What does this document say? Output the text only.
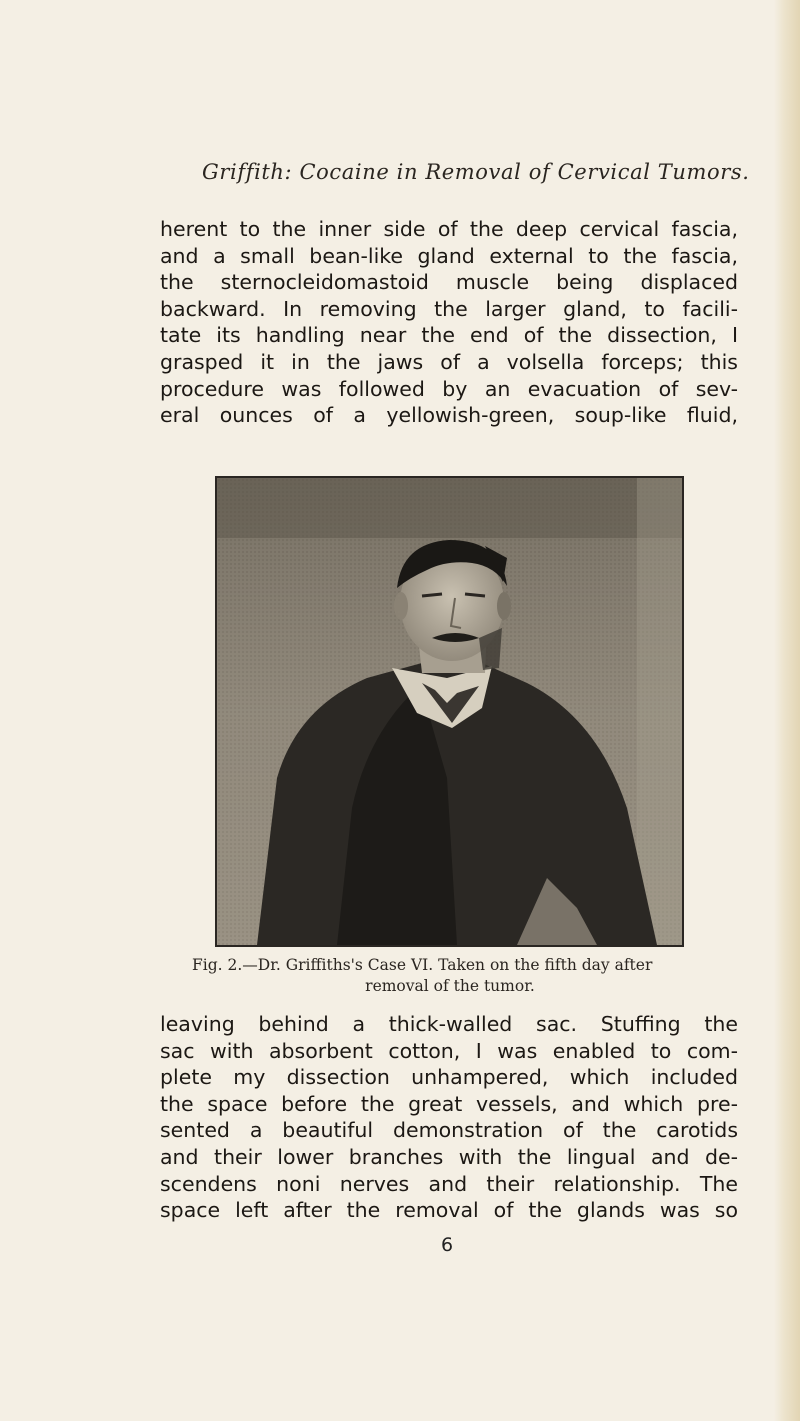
Griffith: Cocaine in Removal of Cervical Tumors.
herent to the inner side of the deep cervical fascia,
and a small bean-like gland external to the fascia,
the sternocleidomastoid muscle being displaced
backward. In removing the larger gland, to facili-
tate its handling near the end of the dissection, I
grasped it in the jaws of a volsella forceps; this
procedure was followed by an evacuation of sev-
eral ounces of a yellowish-green, soup-like fluid,
Fig. 2.—Dr. Griffiths's Case VI. Taken on the fifth day after
removal of the tumor.
leaving behind a thick-walled sac. Stuffing the
sac with absorbent cotton, I was enabled to com-
plete my dissection unhampered, which included
the space before the great vessels, and which pre-
sented a beautiful demonstration of the carotids
and their lower branches with the lingual and de-
scendens noni nerves and their relationship. The
space left after the removal of the glands was so
6
